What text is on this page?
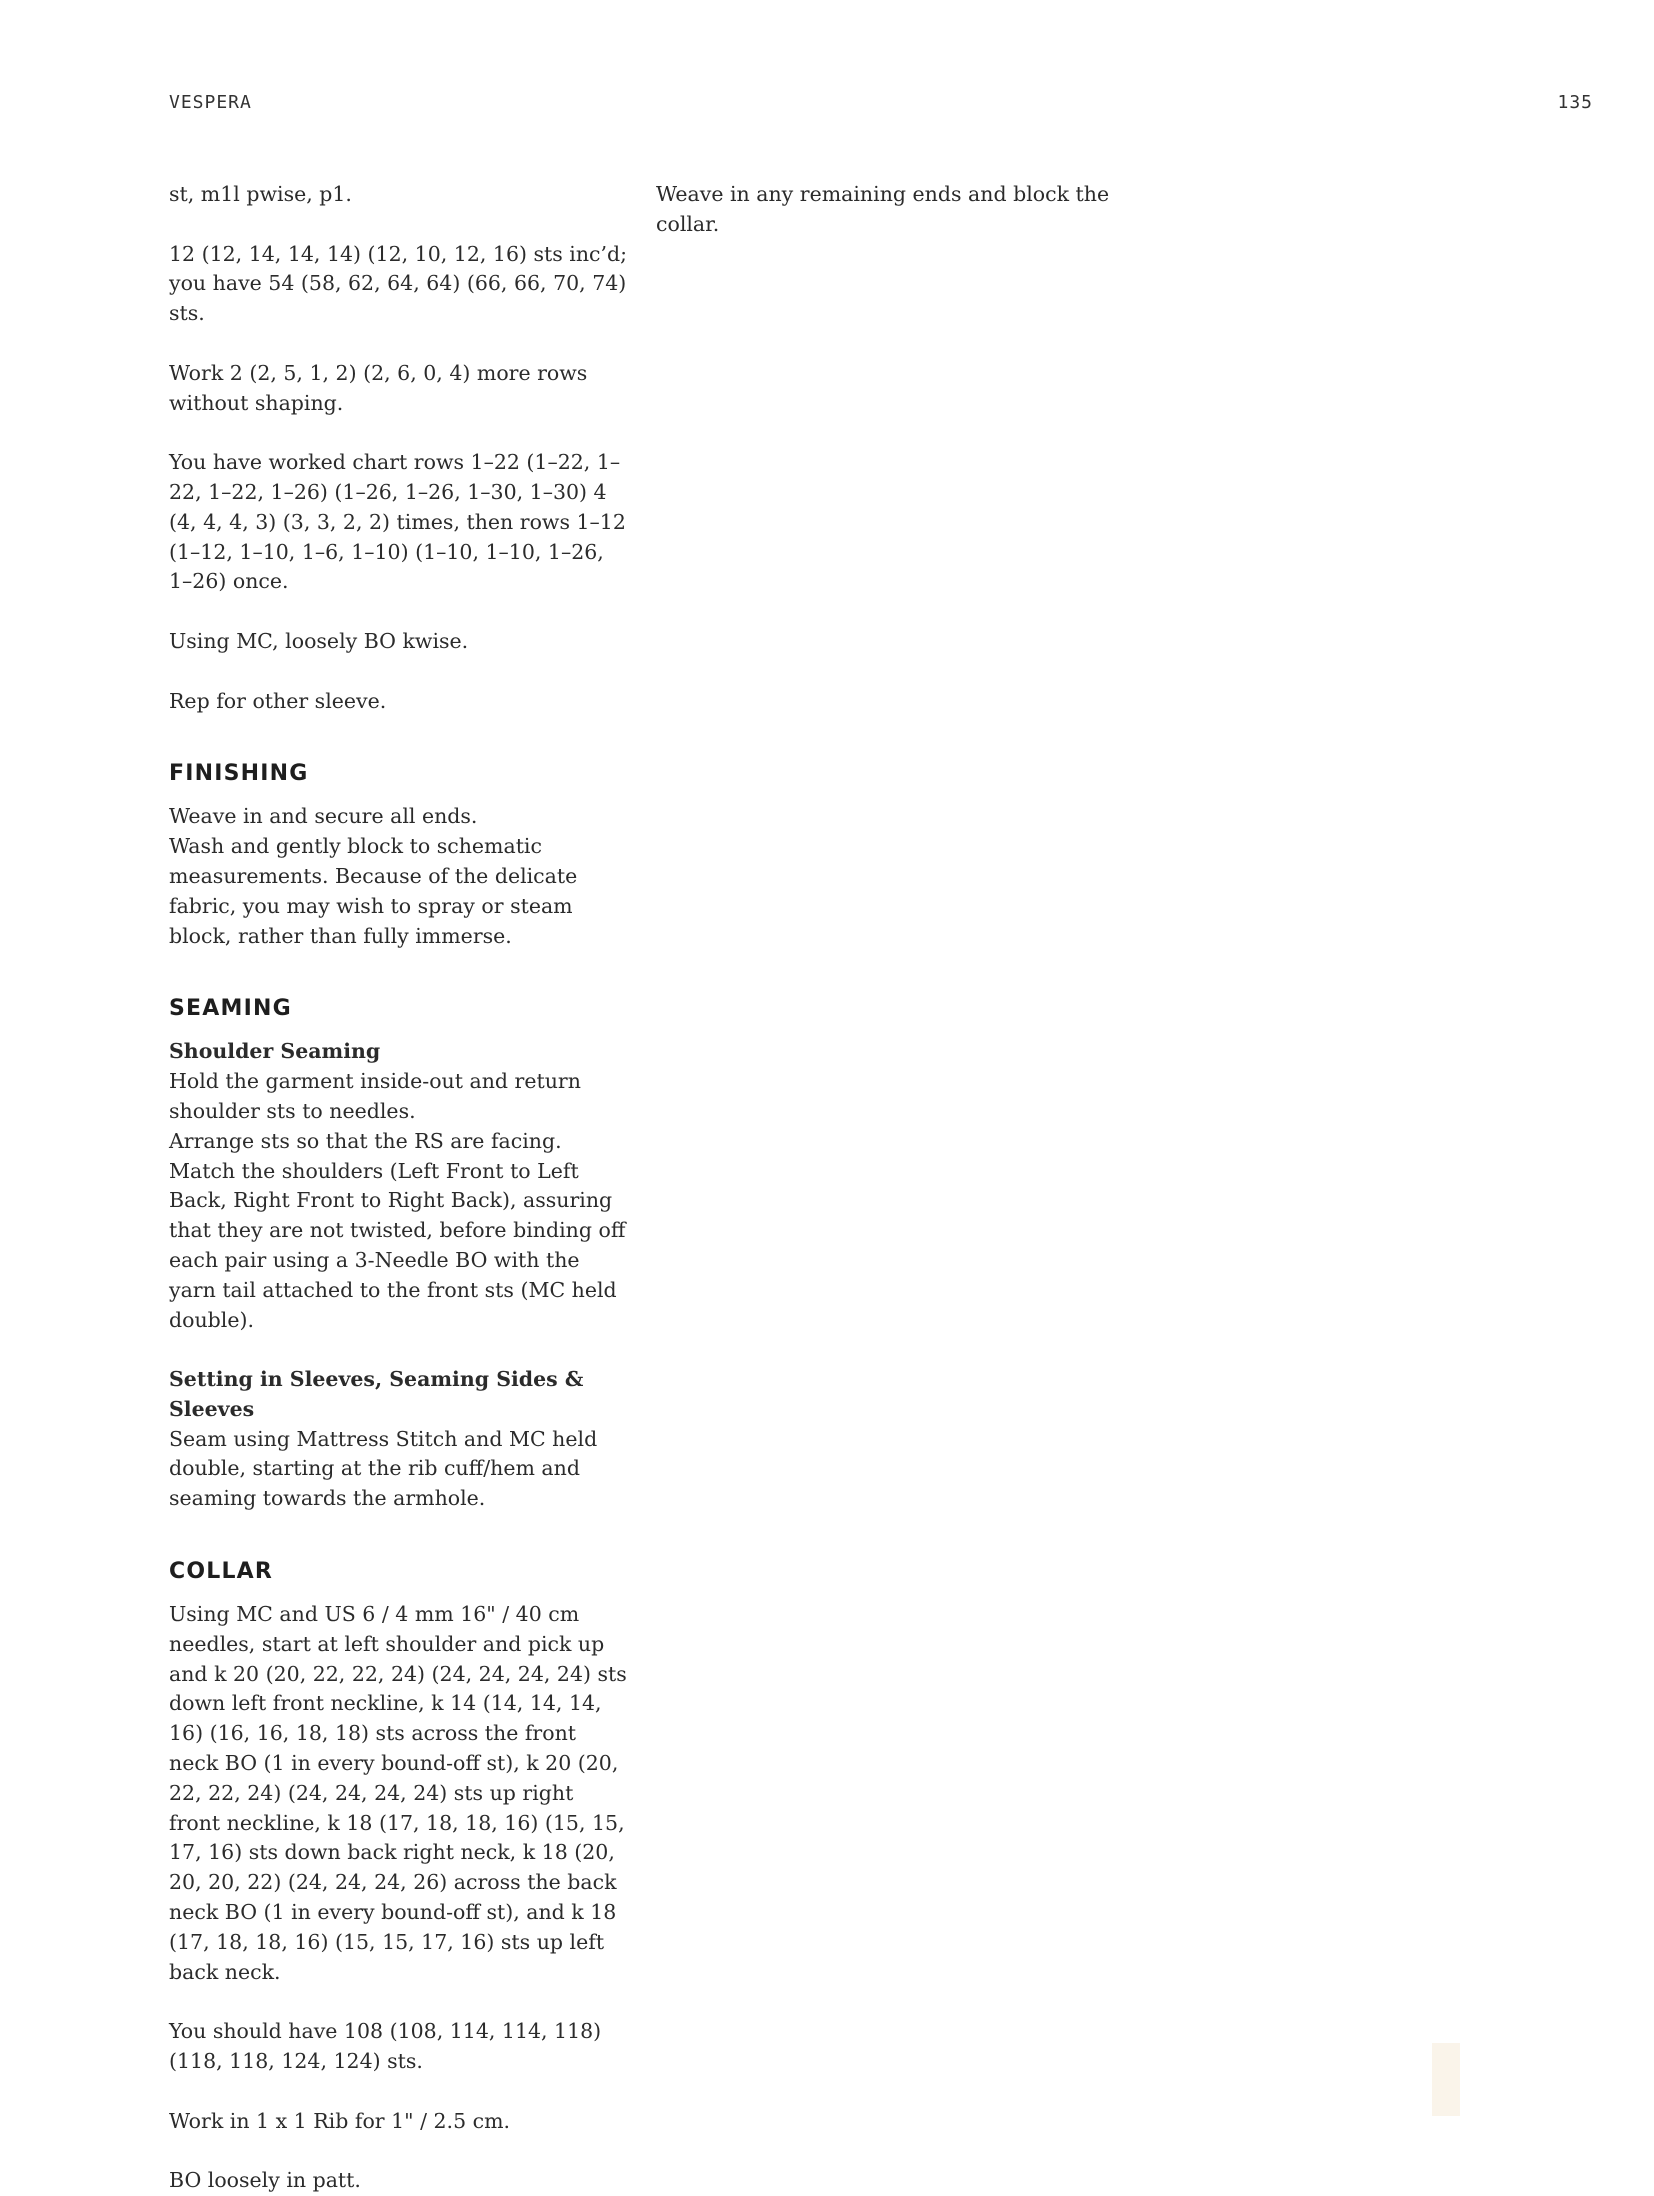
VESPERA	135

st, m1l pwise, p1.

12 (12, 14, 14, 14) (12, 10, 12, 16) sts inc’d; you have 54 (58, 62, 64, 64) (66, 66, 70, 74) sts.

Work 2 (2, 5, 1, 2) (2, 6, 0, 4) more rows without shaping.

You have worked chart rows 1–22 (1–22, 1–22, 1–22, 1–26) (1–26, 1–26, 1–30, 1–30) 4 (4, 4, 4, 3) (3, 3, 2, 2) times, then rows 1–12 (1–12, 1–10, 1–6, 1–10) (1–10, 1–10, 1–26, 1–26) once.

Using MC, loosely BO kwise.

Rep for other sleeve.

FINISHING

Weave in and secure all ends.
Wash and gently block to schematic measurements. Because of the delicate fabric, you may wish to spray or steam block, rather than fully immerse.

SEAMING

Shoulder Seaming
Hold the garment inside-out and return shoulder sts to needles.
Arrange sts so that the RS are facing.
Match the shoulders (Left Front to Left Back, Right Front to Right Back), assuring that they are not twisted, before binding off each pair using a 3-Needle BO with the yarn tail attached to the front sts (MC held double).

Setting in Sleeves, Seaming Sides & Sleeves
Seam using Mattress Stitch and MC held double, starting at the rib cuff/hem and seaming towards the armhole.

COLLAR

Using MC and US 6 / 4 mm 16" / 40 cm needles, start at left shoulder and pick up and k 20 (20, 22, 22, 24) (24, 24, 24, 24) sts down left front neckline, k 14 (14, 14, 14, 16) (16, 16, 18, 18) sts across the front neck BO (1 in every bound-off st), k 20 (20, 22, 22, 24) (24, 24, 24, 24) sts up right front neckline, k 18 (17, 18, 18, 16) (15, 15, 17, 16) sts down back right neck, k 18 (20, 20, 20, 22) (24, 24, 24, 26) across the back neck BO (1 in every bound-off st), and k 18 (17, 18, 18, 16) (15, 15, 17, 16) sts up left back neck.

You should have 108 (108, 114, 114, 118) (118, 118, 124, 124) sts.

Work in 1 x 1 Rib for 1" / 2.5 cm.

BO loosely in patt.

Weave in any remaining ends and block the collar.
